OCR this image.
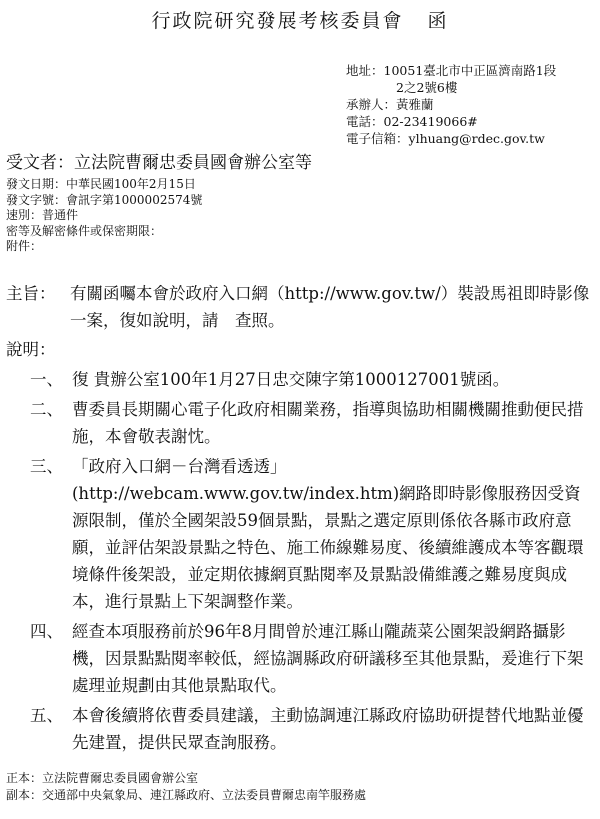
行政院研究發展考核委員會 函
地址： 10051臺北市中正區濟南路1段
2之2號6樓
承辦人： 黃雅蘭
電話： 02-23419066#
電子信箱： ylhuang@rdec.gov.tw
受文者：立法院曹爾忠委員國會辦公室等
發文日期：中華民國100年2月15日
發文字號：會訊字第1000002574號
速別：普通件
密等及解密條件或保密期限：
附件：
主旨： 有關函囑本會於政府入口網（http://www.gov.tw/）裝設馬祖即時影像一案，復如說明，請　查照。
說明：
一、 復 貴辦公室100年1月27日忠交陳字第1000127001號函。
二、 曹委員長期關心電子化政府相關業務，指導與協助相關機關推動便民措施，本會敬表謝忱。
三、 「政府入口網－台灣看透透」(http://webcam.www.gov.tw/index.htm)網路即時影像服務因受資源限制，僅於全國架設59個景點，景點之選定原則係依各縣市政府意願，並評估架設景點之特色、施工佈線難易度、後續維護成本等客觀環境條件後架設，並定期依據網頁點閱率及景點設備維護之難易度與成本，進行景點上下架調整作業。
四、 經查本項服務前於96年8月間曾於連江縣山隴蔬菜公園架設網路攝影機，因景點點閱率較低，經協調縣政府研議移至其他景點，爰進行下架處理並規劃由其他景點取代。
五、 本會後續將依曹委員建議，主動協調連江縣政府協助研提替代地點並優先建置，提供民眾查詢服務。
正本： 立法院曹爾忠委員國會辦公室
副本： 交通部中央氣象局、連江縣政府、立法委員曹爾忠南竿服務處
